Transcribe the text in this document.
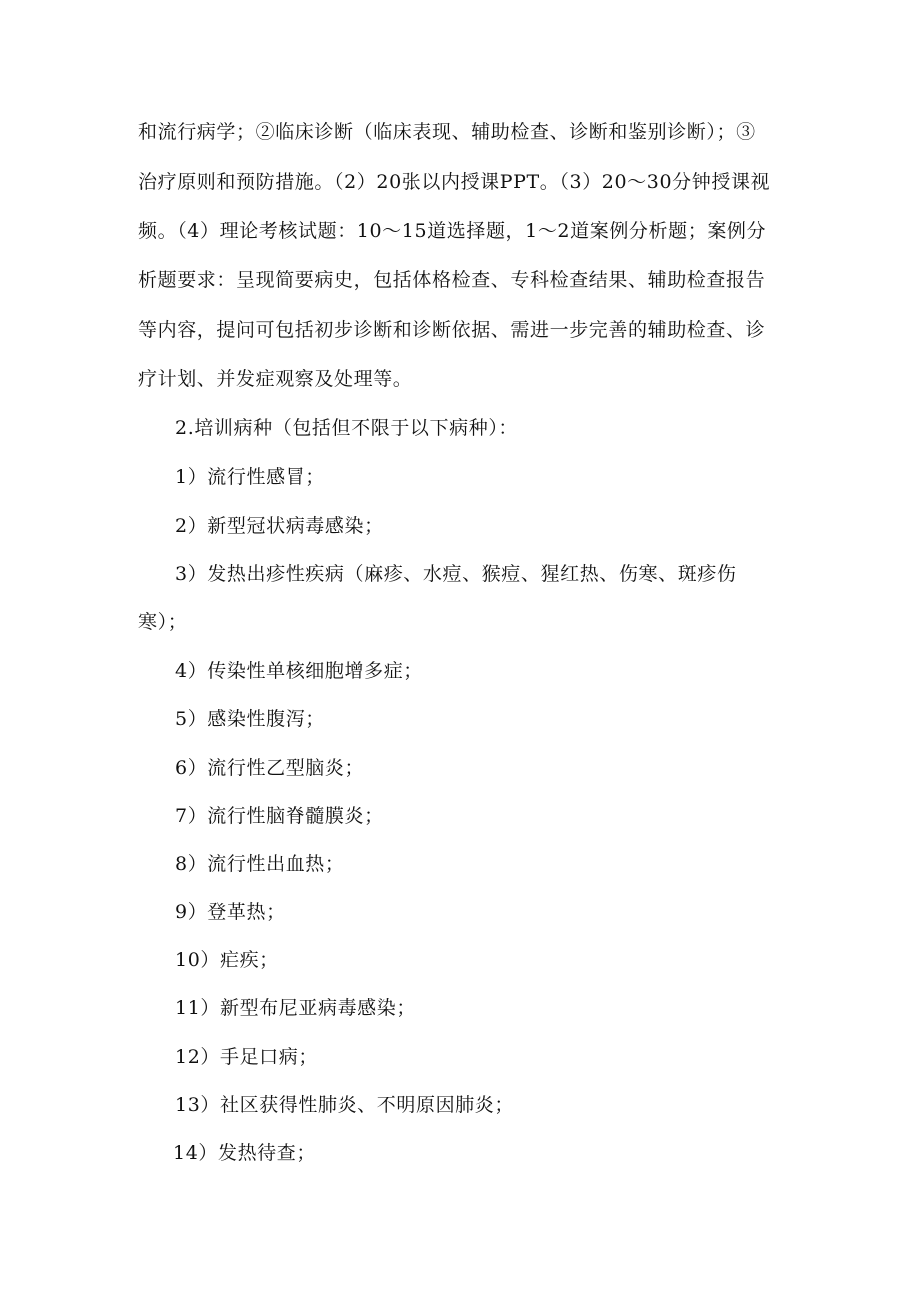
和流行病学；②临床诊断（临床表现、辅助检查、诊断和鉴别诊断）；③
治疗原则和预防措施。（2）20张以内授课PPT。（3）20～30分钟授课视
频。（4）理论考核试题：10～15道选择题，1～2道案例分析题；案例分
析题要求：呈现简要病史，包括体格检查、专科检查结果、辅助检查报告
等内容，提问可包括初步诊断和诊断依据、需进一步完善的辅助检查、诊
疗计划、并发症观察及处理等。
2.培训病种（包括但不限于以下病种）：
1）流行性感冒；
2）新型冠状病毒感染；
3）发热出疹性疾病（麻疹、水痘、猴痘、猩红热、伤寒、斑疹伤
寒）；
4）传染性单核细胞增多症；
5）感染性腹泻；
6）流行性乙型脑炎；
7）流行性脑脊髓膜炎；
8）流行性出血热；
9）登革热；
10）疟疾；
11）新型布尼亚病毒感染；
12）手足口病；
13）社区获得性肺炎、不明原因肺炎；
14）发热待查；
